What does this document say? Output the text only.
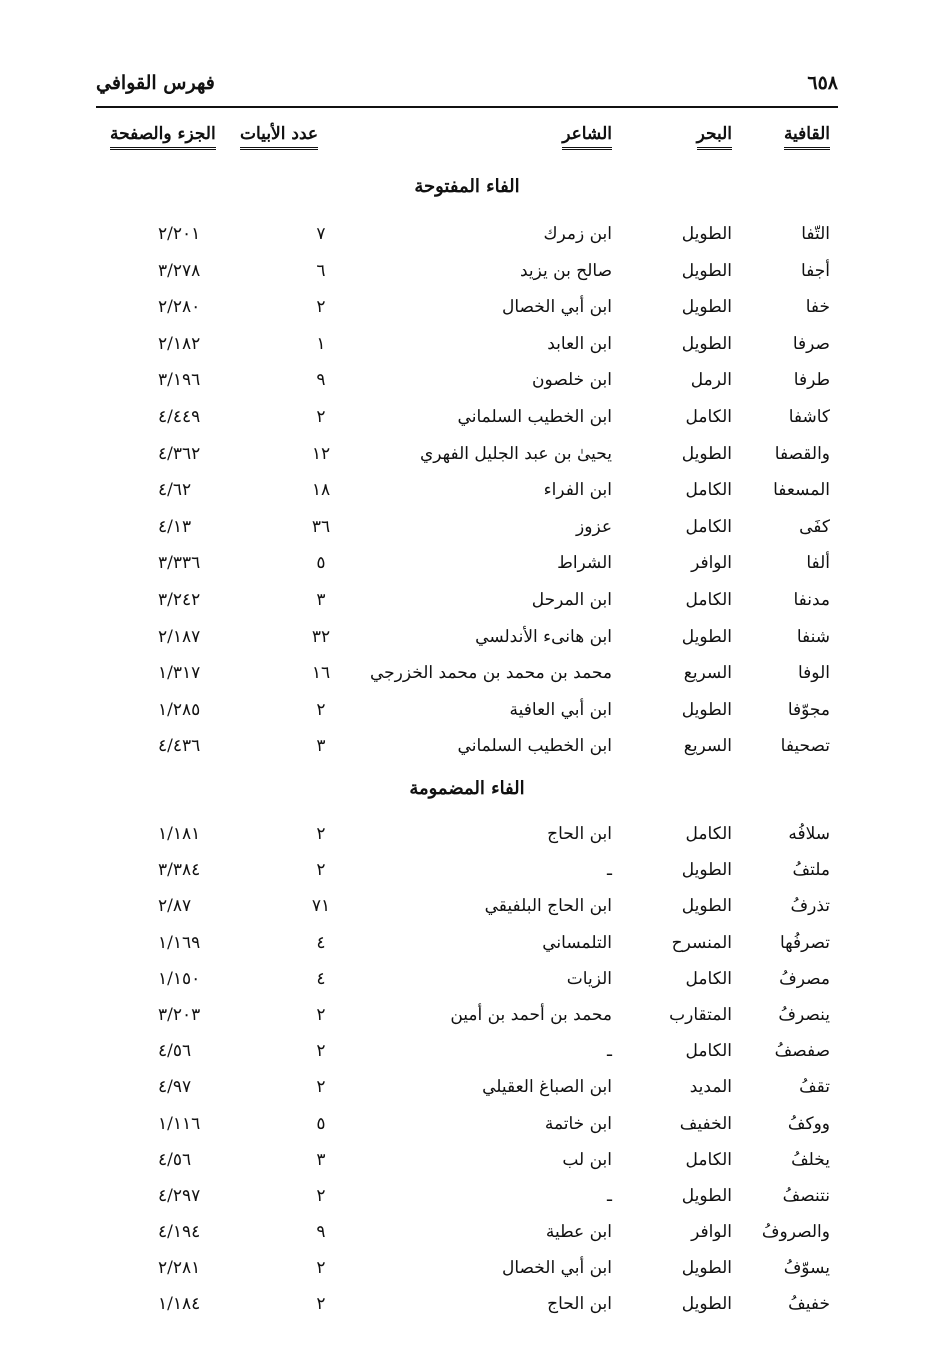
فهرس القوافي	٦٥٨
القافية
البحر
الشاعر
عدد الأبيات
الجزء والصفحة
الفاء المفتوحة
التّفا
الطويل
ابن زمرك
٧
٢/٢٠١
أجفا
الطويل
صالح بن يزيد
٦
٣/٢٧٨
خفا
الطويل
ابن أبي الخصال
٢
٢/٢٨٠
صرفا
الطويل
ابن العابد
١
٢/١٨٢
طرفا
الرمل
ابن خلصون
٩
٣/١٩٦
كاشفا
الكامل
ابن الخطيب السلماني
٢
٤/٤٤٩
والقصفا
الطويل
يحيىٰ بن عبد الجليل الفهري
١٢
٤/٣٦٢
المسعفا
الكامل
ابن الفراء
١٨
٤/٦٢
كفَى
الكامل
عزوز
٣٦
٤/١٣
ألفا
الوافر
الشراط
٥
٣/٣٣٦
مدنفا
الكامل
ابن المرحل
٣
٣/٢٤٢
شنفا
الطويل
ابن هانىء الأندلسي
٣٢
٢/١٨٧
الوفا
السريع
محمد بن محمد بن محمد الخزرجي
١٦
١/٣١٧
مجوّفا
الطويل
ابن أبي العافية
٢
١/٢٨٥
تصحيفا
السريع
ابن الخطيب السلماني
٣
٤/٤٣٦
الفاء المضمومة
سلافُه
الكامل
ابن الحاج
٢
١/١٨١
ملتفُ
الطويل
ـ
٢
٣/٣٨٤
تذرفُ
الطويل
ابن الحاج البلفيقي
٧١
٢/٨٧
تصرفُها
المنسرح
التلمساني
٤
١/١٦٩
مصرفُ
الكامل
الزيات
٤
١/١٥٠
ينصرفُ
المتقارب
محمد بن أحمد بن أمين
٢
٣/٢٠٣
صفصفُ
الكامل
ـ
٢
٤/٥٦
تقفُ
المديد
ابن الصباغ العقيلي
٢
٤/٩٧
ووكفُ
الخفيف
ابن خاتمة
٥
١/١١٦
يخلفُ
الكامل
ابن لب
٣
٤/٥٦
نتنصفُ
الطويل
ـ
٢
٤/٢٩٧
والصروفُ
الوافر
ابن عطية
٩
٤/١٩٤
يسوّفُ
الطويل
ابن أبي الخصال
٢
٢/٢٨١
خفيفُ
الطويل
ابن الحاج
٢
١/١٨٤
